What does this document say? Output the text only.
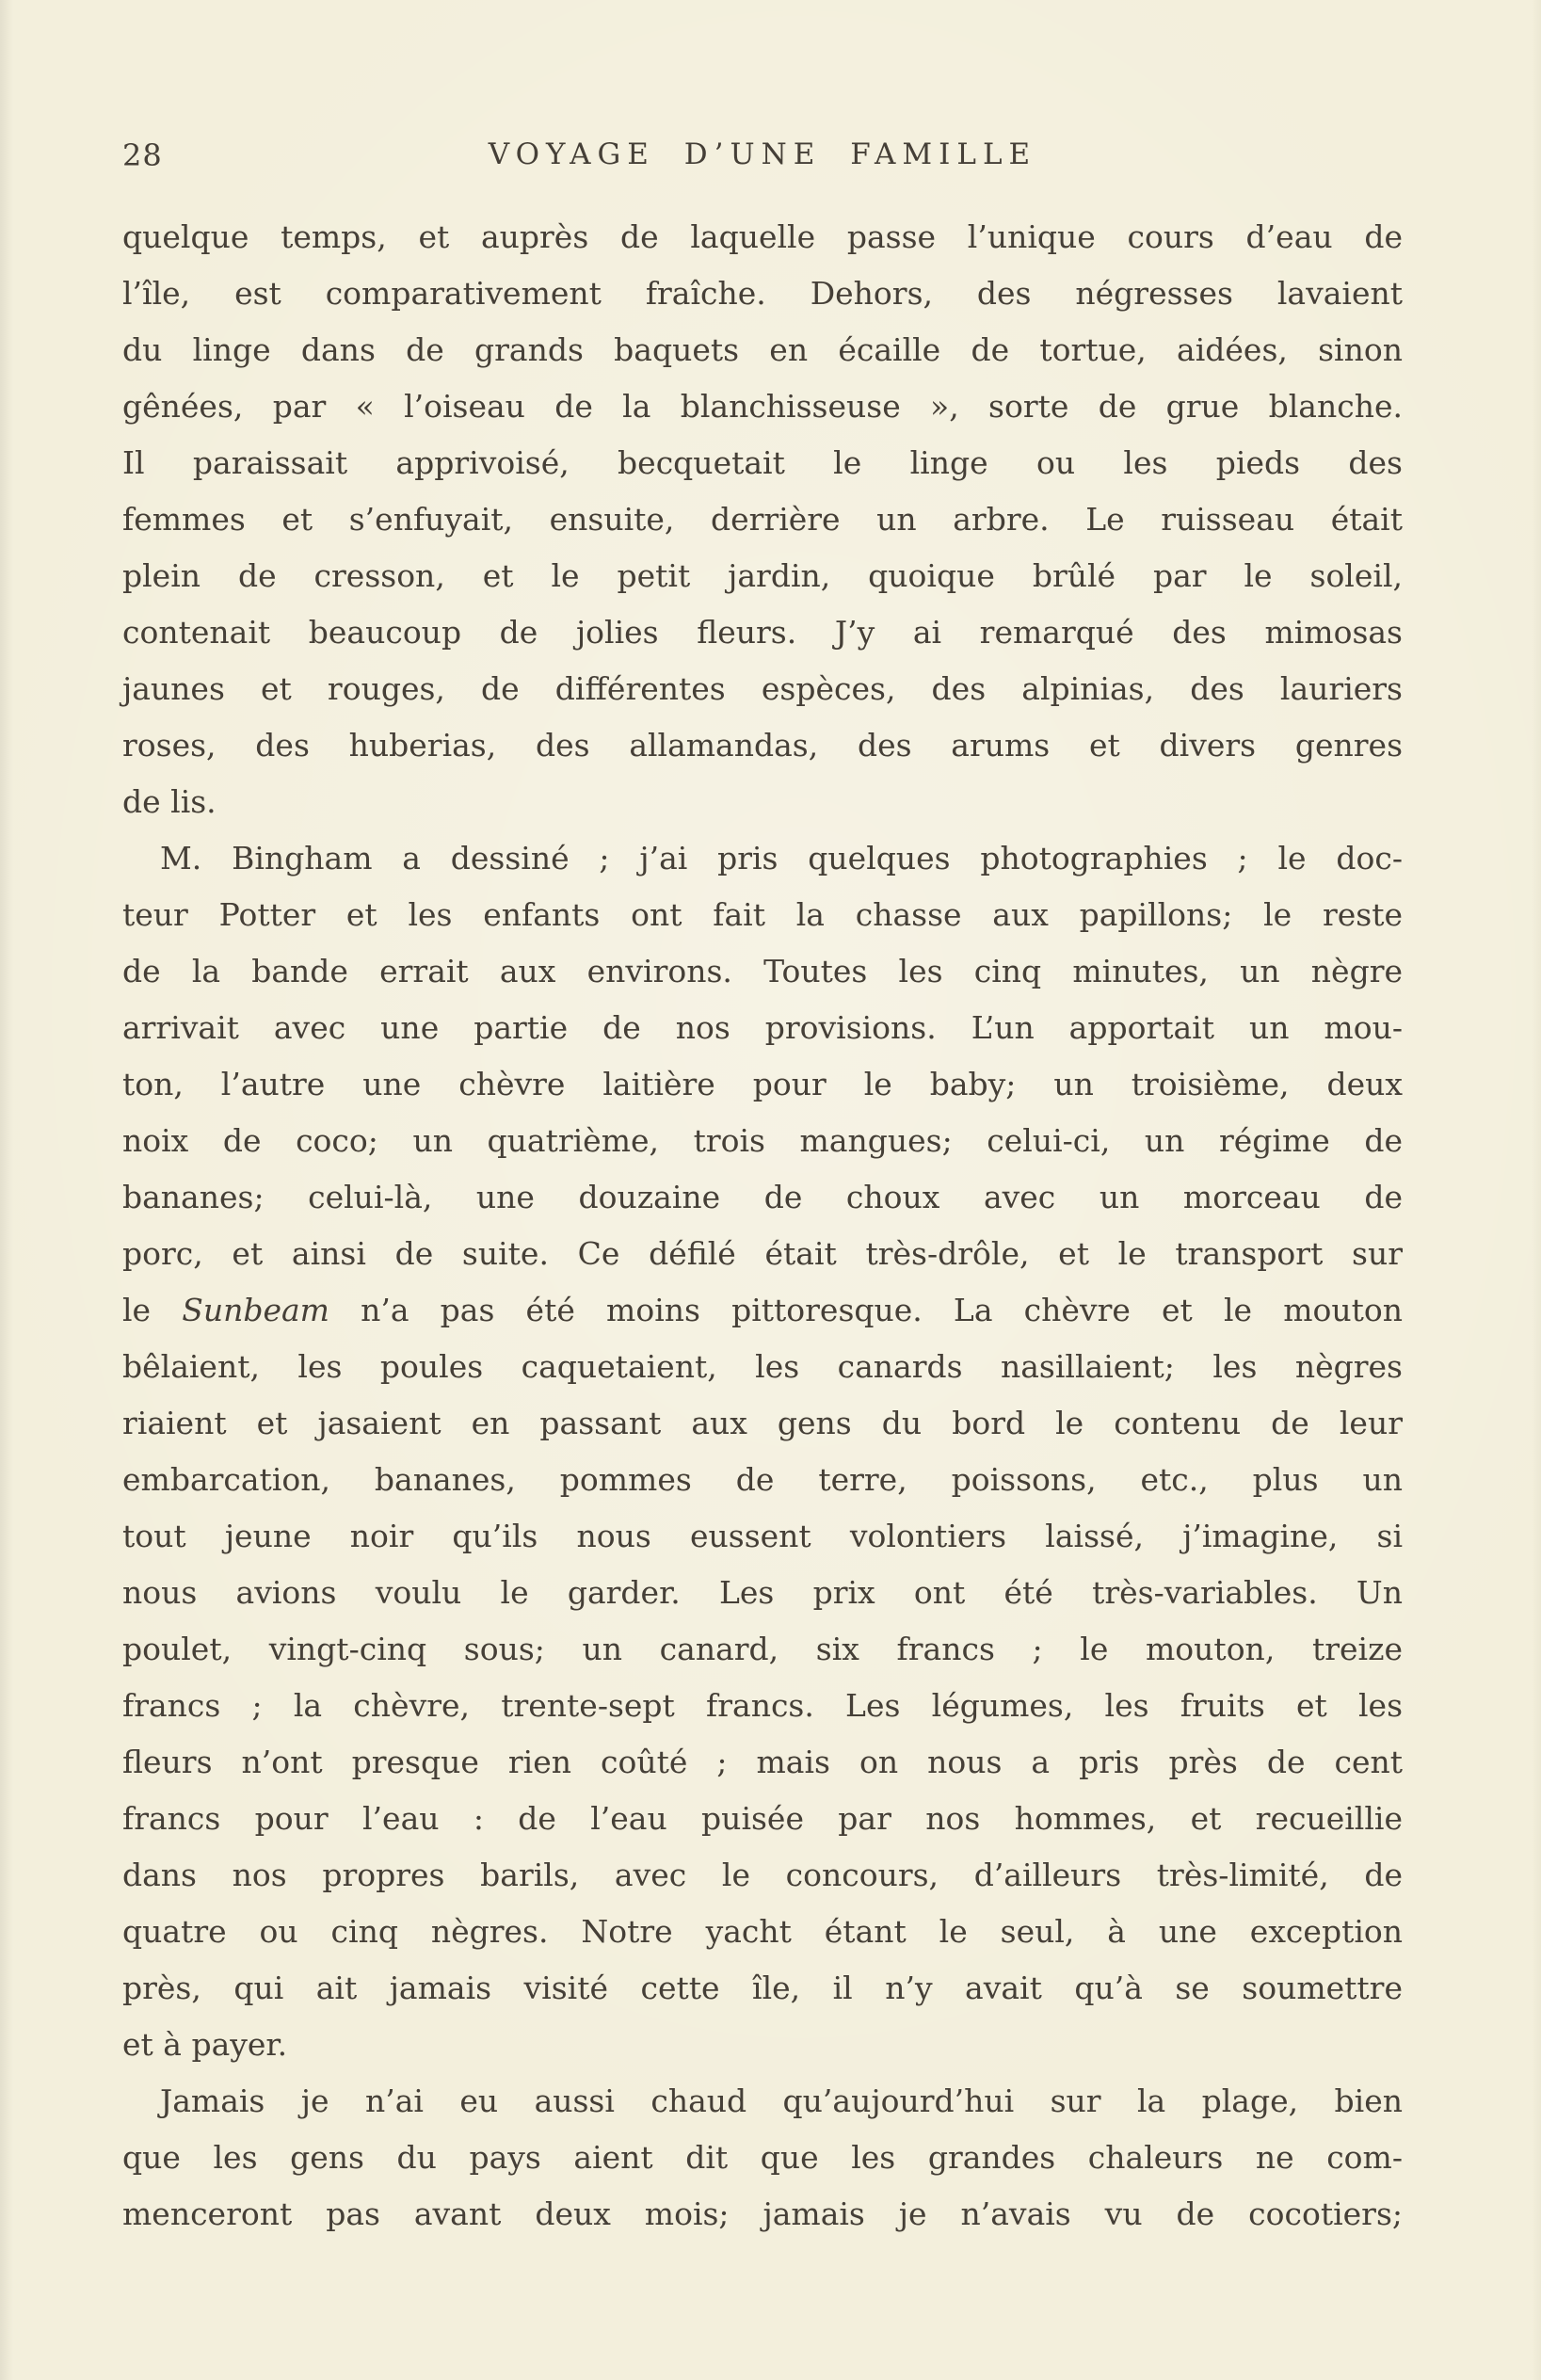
28	VOYAGE D’UNE FAMILLE
quelque temps, et auprès de laquelle passe l’unique cours d’eau de
l’île, est comparativement fraîche. Dehors, des négresses lavaient
du linge dans de grands baquets en écaille de tortue, aidées, sinon
gênées, par « l’oiseau de la blanchisseuse », sorte de grue blanche.
Il paraissait apprivoisé, becquetait le linge ou les pieds des
femmes et s’enfuyait, ensuite, derrière un arbre. Le ruisseau était
plein de cresson, et le petit jardin, quoique brûlé par le soleil,
contenait beaucoup de jolies fleurs. J’y ai remarqué des mimosas
jaunes et rouges, de différentes espèces, des alpinias, des lauriers
roses, des huberias, des allamandas, des arums et divers genres
de lis.
M. Bingham a dessiné ; j’ai pris quelques photographies ; le doc-
teur Potter et les enfants ont fait la chasse aux papillons; le reste
de la bande errait aux environs. Toutes les cinq minutes, un nègre
arrivait avec une partie de nos provisions. L’un apportait un mou-
ton, l’autre une chèvre laitière pour le baby; un troisième, deux
noix de coco; un quatrième, trois mangues; celui-ci, un régime de
bananes; celui-là, une douzaine de choux avec un morceau de
porc, et ainsi de suite. Ce défilé était très-drôle, et le transport sur
le Sunbeam n’a pas été moins pittoresque. La chèvre et le mouton
bêlaient, les poules caquetaient, les canards nasillaient; les nègres
riaient et jasaient en passant aux gens du bord le contenu de leur
embarcation, bananes, pommes de terre, poissons, etc., plus un
tout jeune noir qu’ils nous eussent volontiers laissé, j’imagine, si
nous avions voulu le garder. Les prix ont été très-variables. Un
poulet, vingt-cinq sous; un canard, six francs ; le mouton, treize
francs ; la chèvre, trente-sept francs. Les légumes, les fruits et les
fleurs n’ont presque rien coûté ; mais on nous a pris près de cent
francs pour l’eau : de l’eau puisée par nos hommes, et recueillie
dans nos propres barils, avec le concours, d’ailleurs très-limité, de
quatre ou cinq nègres. Notre yacht étant le seul, à une exception
près, qui ait jamais visité cette île, il n’y avait qu’à se soumettre
et à payer.
Jamais je n’ai eu aussi chaud qu’aujourd’hui sur la plage, bien
que les gens du pays aient dit que les grandes chaleurs ne com-
menceront pas avant deux mois; jamais je n’avais vu de cocotiers;
